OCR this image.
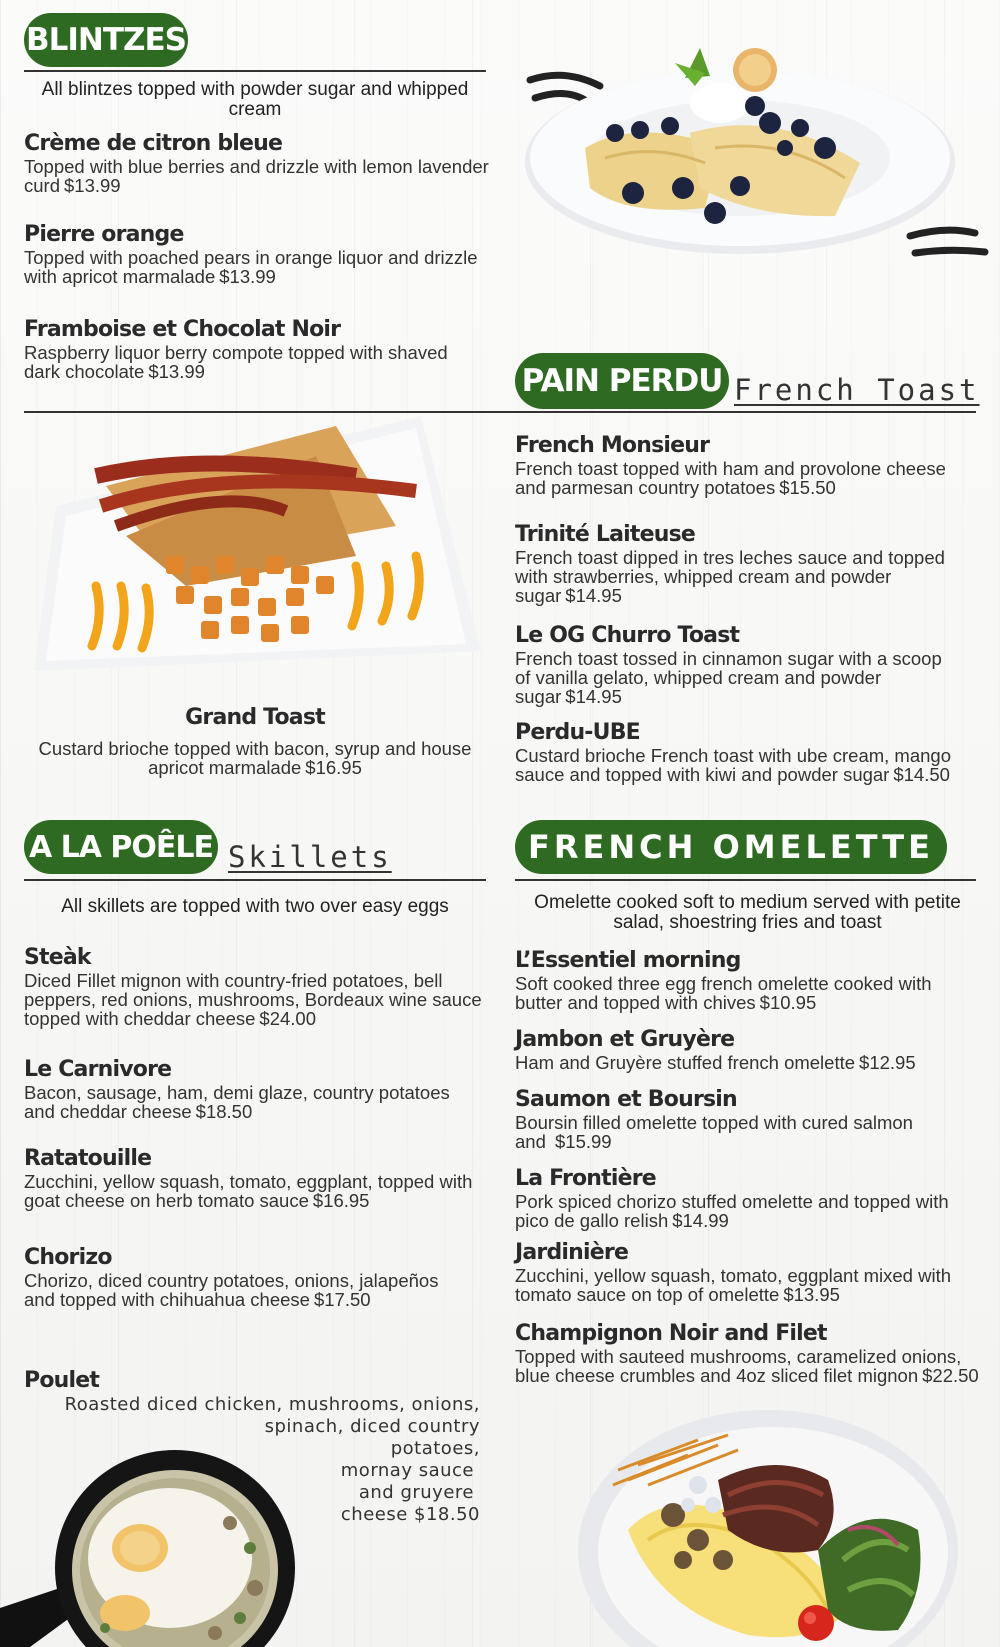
BLINTZES
All blintzes topped with powder sugar and whipped cream
Crème de citron bleue
Topped with blue berries and drizzle with lemon lavender curd $13.99
Pierre orange
Topped with poached pears in orange liquor and drizzle with apricot marmalade $13.99
Framboise et Chocolat Noir
Raspberry liquor berry compote topped with shaved dark chocolate $13.99	PAIN PERDU French Toast
Grand Toast
Custard brioche topped with bacon, syrup and house apricot marmalade $16.95
French Monsieur
French toast topped with ham and provolone cheese and parmesan country potatoes $15.50
Trinité Laiteuse
French toast dipped in tres leches sauce and topped with strawberries, whipped cream and powder sugar $14.95
Le OG Churro Toast
French toast tossed in cinnamon sugar with a scoop of vanilla gelato, whipped cream and powder sugar $14.95
Perdu-UBE
Custard brioche French toast with ube cream, mango sauce and topped with kiwi and powder sugar $14.50
A LA POÊLE Skillets
All skillets are topped with two over easy eggs
Steàk
Diced Fillet mignon with country-fried potatoes, bell peppers, red onions, mushrooms, Bordeaux wine sauce topped with cheddar cheese $24.00
Le Carnivore
Bacon, sausage, ham, demi glaze, country potatoes and cheddar cheese $18.50
Ratatouille
Zucchini, yellow squash, tomato, eggplant, topped with goat cheese on herb tomato sauce $16.95
Chorizo
Chorizo, diced country potatoes, onions, jalapeños and topped with chihuahua cheese $17.50
Poulet
Roasted diced chicken, mushrooms, onions,
spinach, diced country
potatoes,
mornay sauce
and gruyere
cheese $18.50
FRENCH OMELETTE
Omelette cooked soft to medium served with petite salad, shoestring fries and toast
L’Essentiel morning
Soft cooked three egg french omelette cooked with butter and topped with chives $10.95
Jambon et Gruyère
Ham and Gruyère stuffed french omelette $12.95
Saumon et Boursin
Boursin filled omelette topped with cured salmon and $15.99
La Frontière
Pork spiced chorizo stuffed omelette and topped with pico de gallo relish $14.99
Jardinière
Zucchini, yellow squash, tomato, eggplant mixed with tomato sauce on top of omelette $13.95
Champignon Noir and Filet
Topped with sauteed mushrooms, caramelized onions, blue cheese crumbles and 4oz sliced filet mignon $22.50
